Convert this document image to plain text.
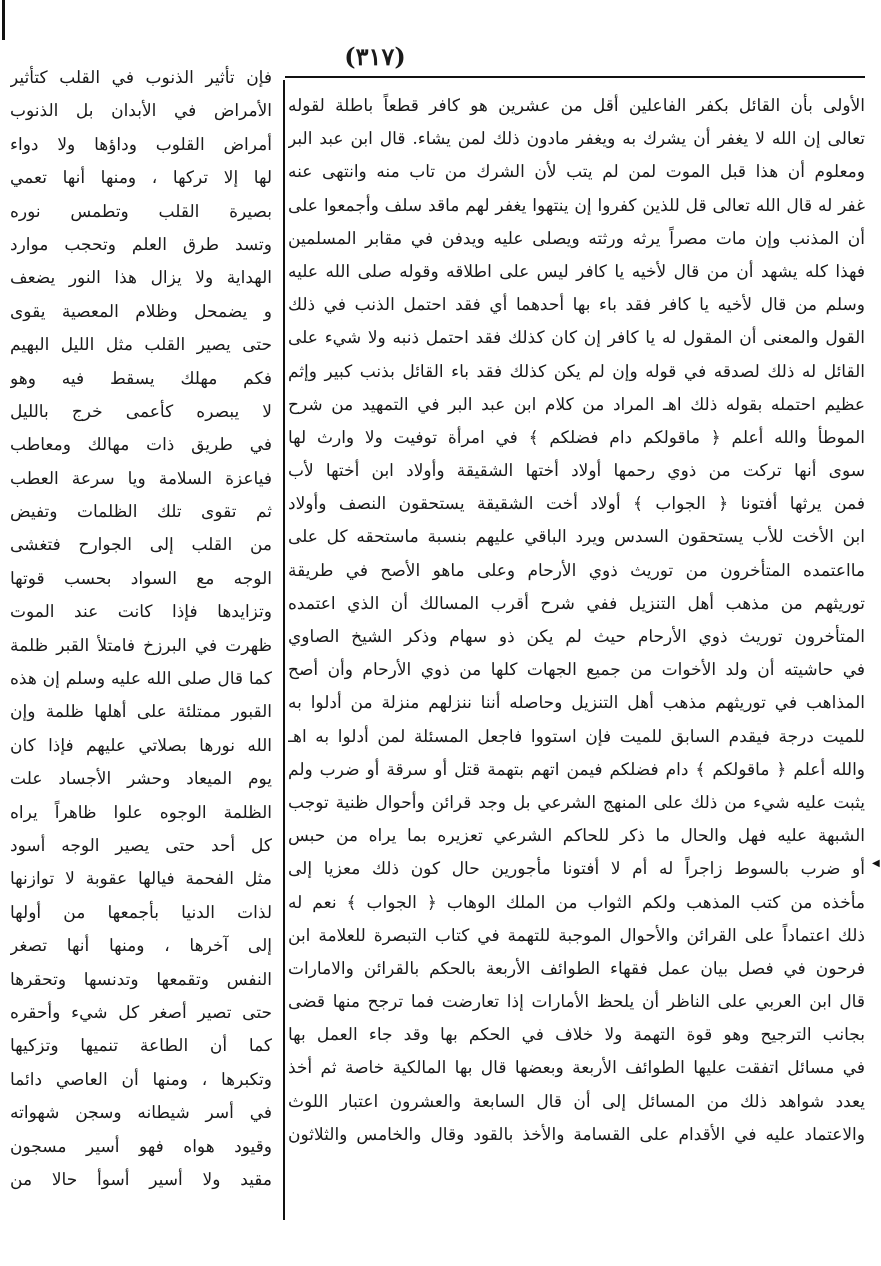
(٣١٧)
الأولى بأن القائل بكفر الفاعلين أقل من عشرين هو كافر قطعاً باطلة لقوله
تعالى إن الله لا يغفر أن يشرك به ويغفر مادون ذلك لمن يشاء. قال ابن عبد البر
ومعلوم أن هذا قبل الموت لمن لم يتب لأن الشرك من تاب منه وانتهى عنه
غفر له قال الله تعالى قل للذين كفروا إن ينتهوا يغفر لهم ماقد سلف وأجمعوا على
أن المذنب وإن مات مصراً يرثه ورثته ويصلى عليه ويدفن في مقابر المسلمين
فهذا كله يشهد أن من قال لأخيه يا كافر ليس على اطلاقه وقوله صلى الله عليه
وسلم من قال لأخيه يا كافر فقد باء بها أحدهما أي فقد احتمل الذنب في ذلك
القول والمعنى أن المقول له يا كافر إن كان كذلك فقد احتمل ذنبه ولا شيء على
القائل له ذلك لصدقه في قوله وإن لم يكن كذلك فقد باء القائل بذنب كبير وإثم
عظيم احتمله بقوله ذلك اهـ المراد من كلام ابن عبد البر في التمهيد من شرح
الموطأ والله أعلم ﴿ ماقولكم دام فضلكم ﴾ في امرأة توفيت ولا وارث لها
سوى أنها تركت من ذوي رحمها أولاد أختها الشقيقة وأولاد ابن أختها لأب
فمن يرثها أفتونا ﴿ الجواب ﴾ أولاد أخت الشقيقة يستحقون النصف وأولاد
ابن الأخت للأب يستحقون السدس ويرد الباقي عليهم بنسبة ماستحقه كل على
مااعتمده المتأخرون من توريث ذوي الأرحام وعلى ماهو الأصح في طريقة
توريثهم من مذهب أهل التنزيل ففي شرح أقرب المسالك أن الذي اعتمده
المتأخرون توريث ذوي الأرحام حيث لم يكن ذو سهام وذكر الشيخ الصاوي
في حاشيته أن ولد الأخوات من جميع الجهات كلها من ذوي الأرحام وأن أصح
المذاهب في توريثهم مذهب أهل التنزيل وحاصله أننا ننزلهم منزلة من أدلوا به
للميت درجة فيقدم السابق للميت فإن استووا فاجعل المسئلة لمن أدلوا به اهـ
والله أعلم ﴿ ماقولكم ﴾ دام فضلكم فيمن اتهم بتهمة قتل أو سرقة أو ضرب ولم
يثبت عليه شيء من ذلك على المنهج الشرعي بل وجد قرائن وأحوال ظنية توجب
الشبهة عليه فهل والحال ما ذكر للحاكم الشرعي تعزيره بما يراه من حبس
أو ضرب بالسوط زاجراً له أم لا أفتونا مأجورين حال كون ذلك معزيا إلى
مأخذه من كتب المذهب ولكم الثواب من الملك الوهاب ﴿ الجواب ﴾ نعم له
ذلك اعتماداً على القرائن والأحوال الموجبة للتهمة في كتاب التبصرة للعلامة ابن
فرحون في فصل بيان عمل فقهاء الطوائف الأربعة بالحكم بالقرائن والامارات
قال ابن العربي على الناظر أن يلحظ الأمارات إذا تعارضت فما ترجح منها قضى
بجانب الترجيح وهو قوة التهمة ولا خلاف في الحكم بها وقد جاء العمل بها
في مسائل اتفقت عليها الطوائف الأربعة وبعضها قال بها المالكية خاصة ثم أخذ
يعدد شواهد ذلك من المسائل إلى أن قال السابعة والعشرون اعتبار اللوث
والاعتماد عليه في الأقدام على القسامة والأخذ بالقود وقال والخامس والثلاثون
فإن تأثير الذنوب في القلب كتأثير
الأمراض في الأبدان بل الذنوب
أمراض القلوب وداؤها ولا دواء
لها إلا تركها ، ومنها أنها تعمي
بصيرة القلب وتطمس نوره
وتسد طرق العلم وتحجب موارد
الهداية ولا يزال هذا النور يضعف
و يضمحل وظلام المعصية يقوى
حتى يصير القلب مثل الليل البهيم
فكم مهلك يسقط فيه وهو
لا يبصره كأعمى خرج بالليل
في طريق ذات مهالك ومعاطب
فياعزة السلامة ويا سرعة العطب
ثم تقوى تلك الظلمات وتفيض
من القلب إلى الجوارح فتغشى
الوجه مع السواد بحسب قوتها
وتزايدها فإذا كانت عند الموت
ظهرت في البرزخ فامتلأ القبر ظلمة
كما قال صلى الله عليه وسلم إن هذه
القبور ممتلئة على أهلها ظلمة وإن
الله نورها بصلاتي عليهم فإذا كان
يوم الميعاد وحشر الأجساد علت
الظلمة الوجوه علوا ظاهراً يراه
كل أحد حتى يصير الوجه أسود
مثل الفحمة فيالها عقوبة لا توازنها
لذات الدنيا بأجمعها من أولها
إلى آخرها ، ومنها أنها تصغر
النفس وتقمعها وتدنسها وتحقرها
حتى تصير أصغر كل شيء وأحقره
كما أن الطاعة تنميها وتزكيها
وتكبرها ، ومنها أن العاصي دائما
في أسر شيطانه وسجن شهواته
وقيود هواه فهو أسير مسجون
مقيد ولا أسير أسوأ حالا من
◀
